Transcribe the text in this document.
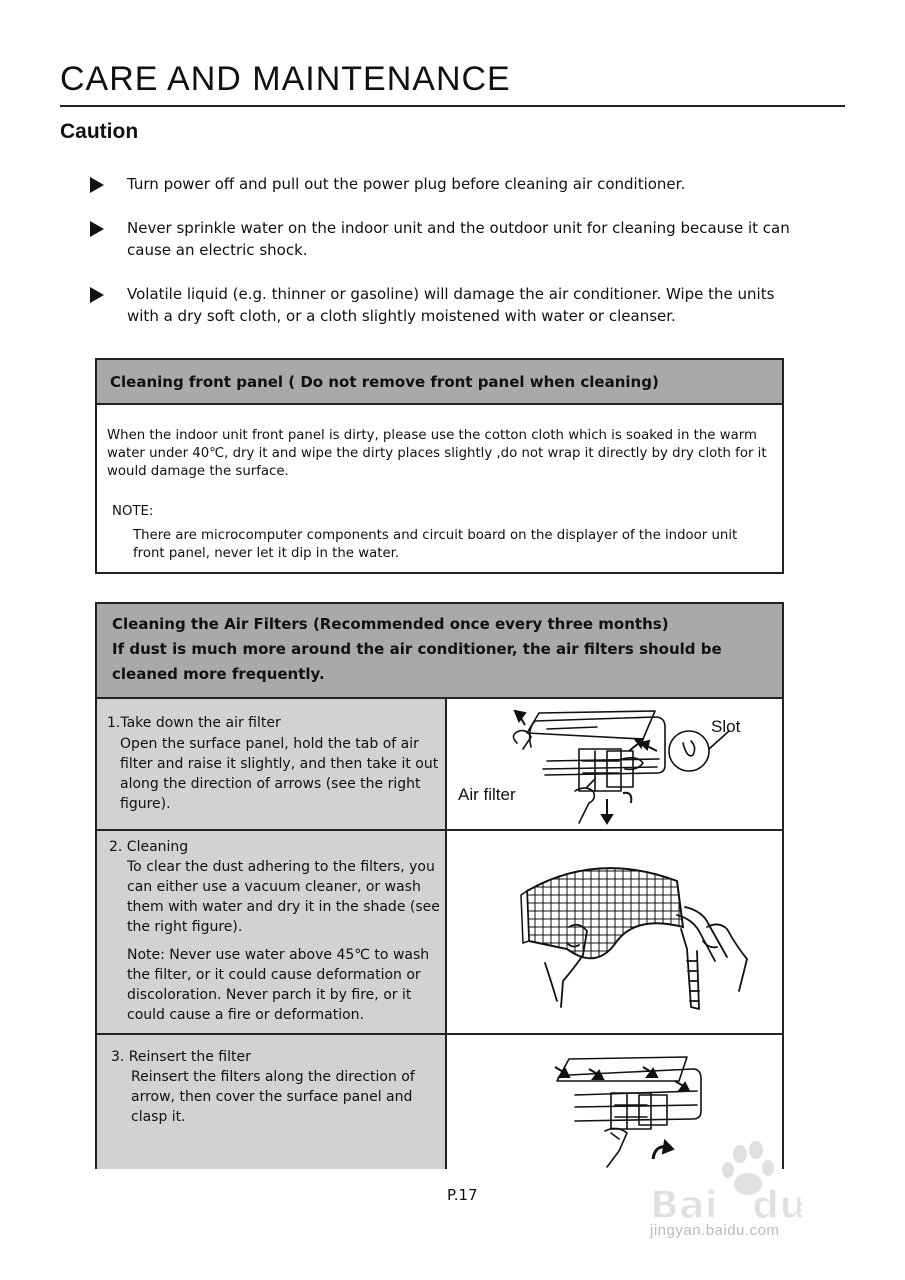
CARE AND MAINTENANCE
Caution
Turn power off and pull out the power plug before cleaning air conditioner.
Never sprinkle water on the indoor unit and the outdoor unit for cleaning because it can cause an electric shock.
Volatile liquid (e.g. thinner or gasoline) will damage the air conditioner. Wipe the units with a dry soft cloth, or a cloth slightly moistened with water or cleanser.
Cleaning front panel ( Do not remove front panel when cleaning)
When the indoor unit front panel is dirty, please use the cotton cloth which is soaked in the warm water under 40℃, dry it and wipe the dirty places slightly ,do not wrap it directly by dry cloth for it would damage the surface.
NOTE:
There are microcomputer components and circuit board on the displayer of the indoor unit front panel, never let it dip in the water.
Cleaning the Air Filters (Recommended once every three months)
If dust is much more around the air conditioner, the air filters should be cleaned more frequently.
1.Take down the air filter
Open the surface panel, hold the tab of air filter and raise it slightly, and then take it out along the direction of arrows (see the right figure).
Slot
Air filter
2. Cleaning
To clear the dust adhering to the filters, you can either use a vacuum cleaner, or wash them with water and dry it in the shade (see the right figure).
Note: Never use water above 45℃ to wash the filter, or it could cause deformation or discoloration. Never parch it by fire, or it could cause a fire or deformation.
3. Reinsert the filter
Reinsert the filters along the direction of arrow, then cover the surface panel and clasp it.
P.17	Bai du
经验
jingyan.baidu.com
